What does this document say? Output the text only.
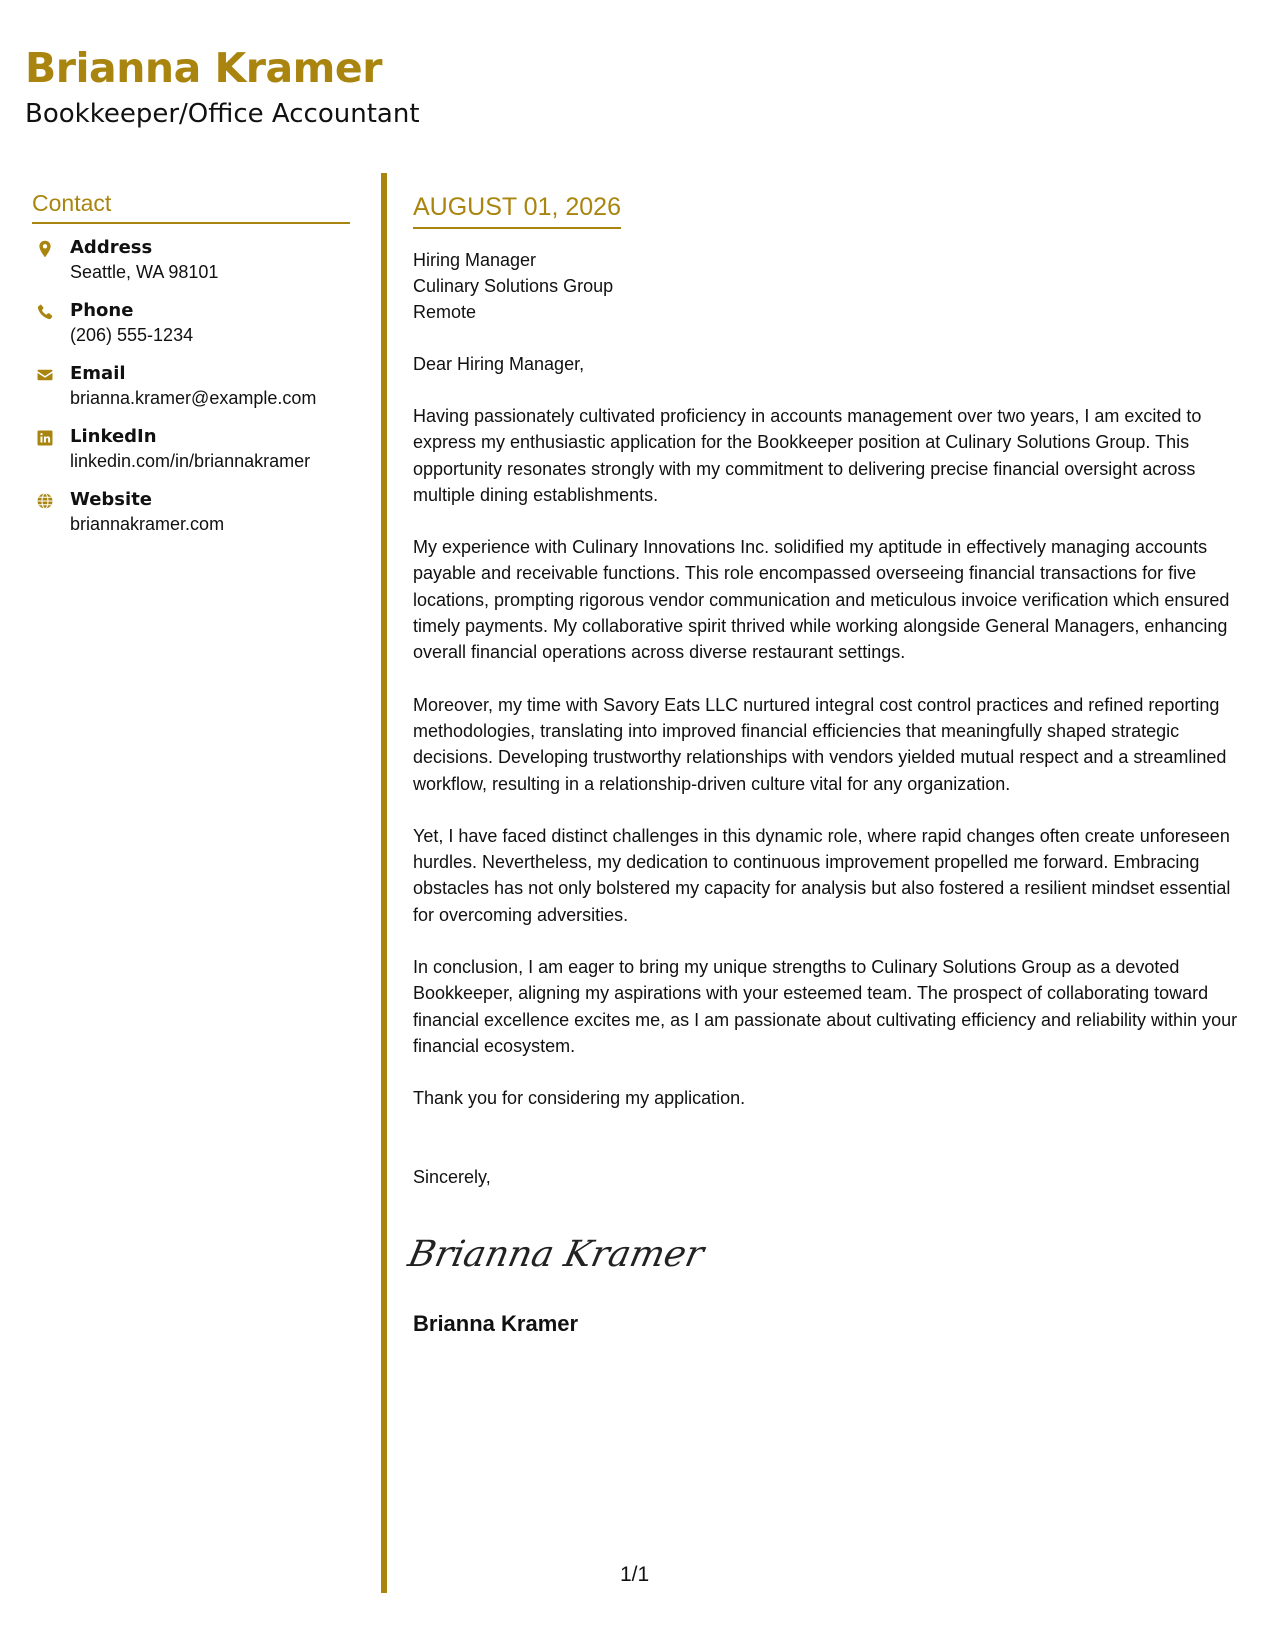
Brianna Kramer
Bookkeeper/Office Accountant
Contact
Address
Seattle, WA 98101
Phone
(206) 555-1234
Email
brianna.kramer@example.com
LinkedIn
linkedin.com/in/briannakramer
Website
briannakramer.com
AUGUST 01, 2026
Hiring Manager
Culinary Solutions Group
Remote
Dear Hiring Manager,
Having passionately cultivated proficiency in accounts management over two years, I am excited to express my enthusiastic application for the Bookkeeper position at Culinary Solutions Group. This opportunity resonates strongly with my commitment to delivering precise financial oversight across multiple dining establishments.
My experience with Culinary Innovations Inc. solidified my aptitude in effectively managing accounts payable and receivable functions. This role encompassed overseeing financial transactions for five locations, prompting rigorous vendor communication and meticulous invoice verification which ensured timely payments. My collaborative spirit thrived while working alongside General Managers, enhancing overall financial operations across diverse restaurant settings.
Moreover, my time with Savory Eats LLC nurtured integral cost control practices and refined reporting methodologies, translating into improved financial efficiencies that meaningfully shaped strategic decisions. Developing trustworthy relationships with vendors yielded mutual respect and a streamlined workflow, resulting in a relationship-driven culture vital for any organization.
Yet, I have faced distinct challenges in this dynamic role, where rapid changes often create unforeseen hurdles. Nevertheless, my dedication to continuous improvement propelled me forward. Embracing obstacles has not only bolstered my capacity for analysis but also fostered a resilient mindset essential for overcoming adversities.
In conclusion, I am eager to bring my unique strengths to Culinary Solutions Group as a devoted Bookkeeper, aligning my aspirations with your esteemed team. The prospect of collaborating toward financial excellence excites me, as I am passionate about cultivating efficiency and reliability within your financial ecosystem.
Thank you for considering my application.
Sincerely,
Brianna Kramer
Brianna Kramer
1/1
